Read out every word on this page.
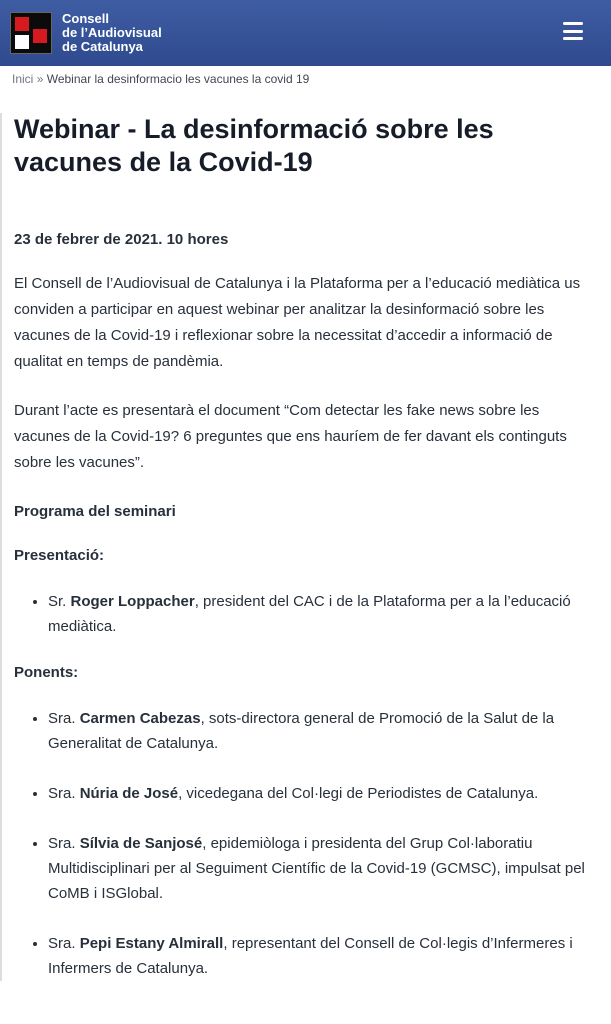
Consell
de l’Audiovisual
de Catalunya
Inici » Webinar la desinformacio les vacunes la covid 19
Webinar - La desinformació sobre les vacunes de la Covid-19
23 de febrer de 2021. 10 hores

El Consell de l’Audiovisual de Catalunya i la Plataforma per a l’educació mediàtica us conviden a participar en aquest webinar per analitzar la desinformació sobre les vacunes de la Covid-19 i reflexionar sobre la necessitat d’accedir a informació de qualitat en temps de pandèmia.

Durant l’acte es presentarà el document “Com detectar les fake news sobre les vacunes de la Covid-19? 6 preguntes que ens hauríem de fer davant els continguts sobre les vacunes”.

Programa del seminari
Presentació:
• Sr. Roger Loppacher, president del CAC i de la Plataforma per a la l’educació mediàtica.
Ponents:
• Sra. Carmen Cabezas, sots-directora general de Promoció de la Salut de la Generalitat de Catalunya.
• Sra. Núria de José, vicedegana del Col·legi de Periodistes de Catalunya.
• Sra. Sílvia de Sanjosé, epidemiòloga i presidenta del Grup Col·laboratiu Multidisciplinari per al Seguiment Científic de la Covid-19 (GCMSC), impulsat pel CoMB i ISGlobal.
• Sra. Pepi Estany Almirall, representant del Consell de Col·legis d’Infermeres i Infermers de Catalunya.
